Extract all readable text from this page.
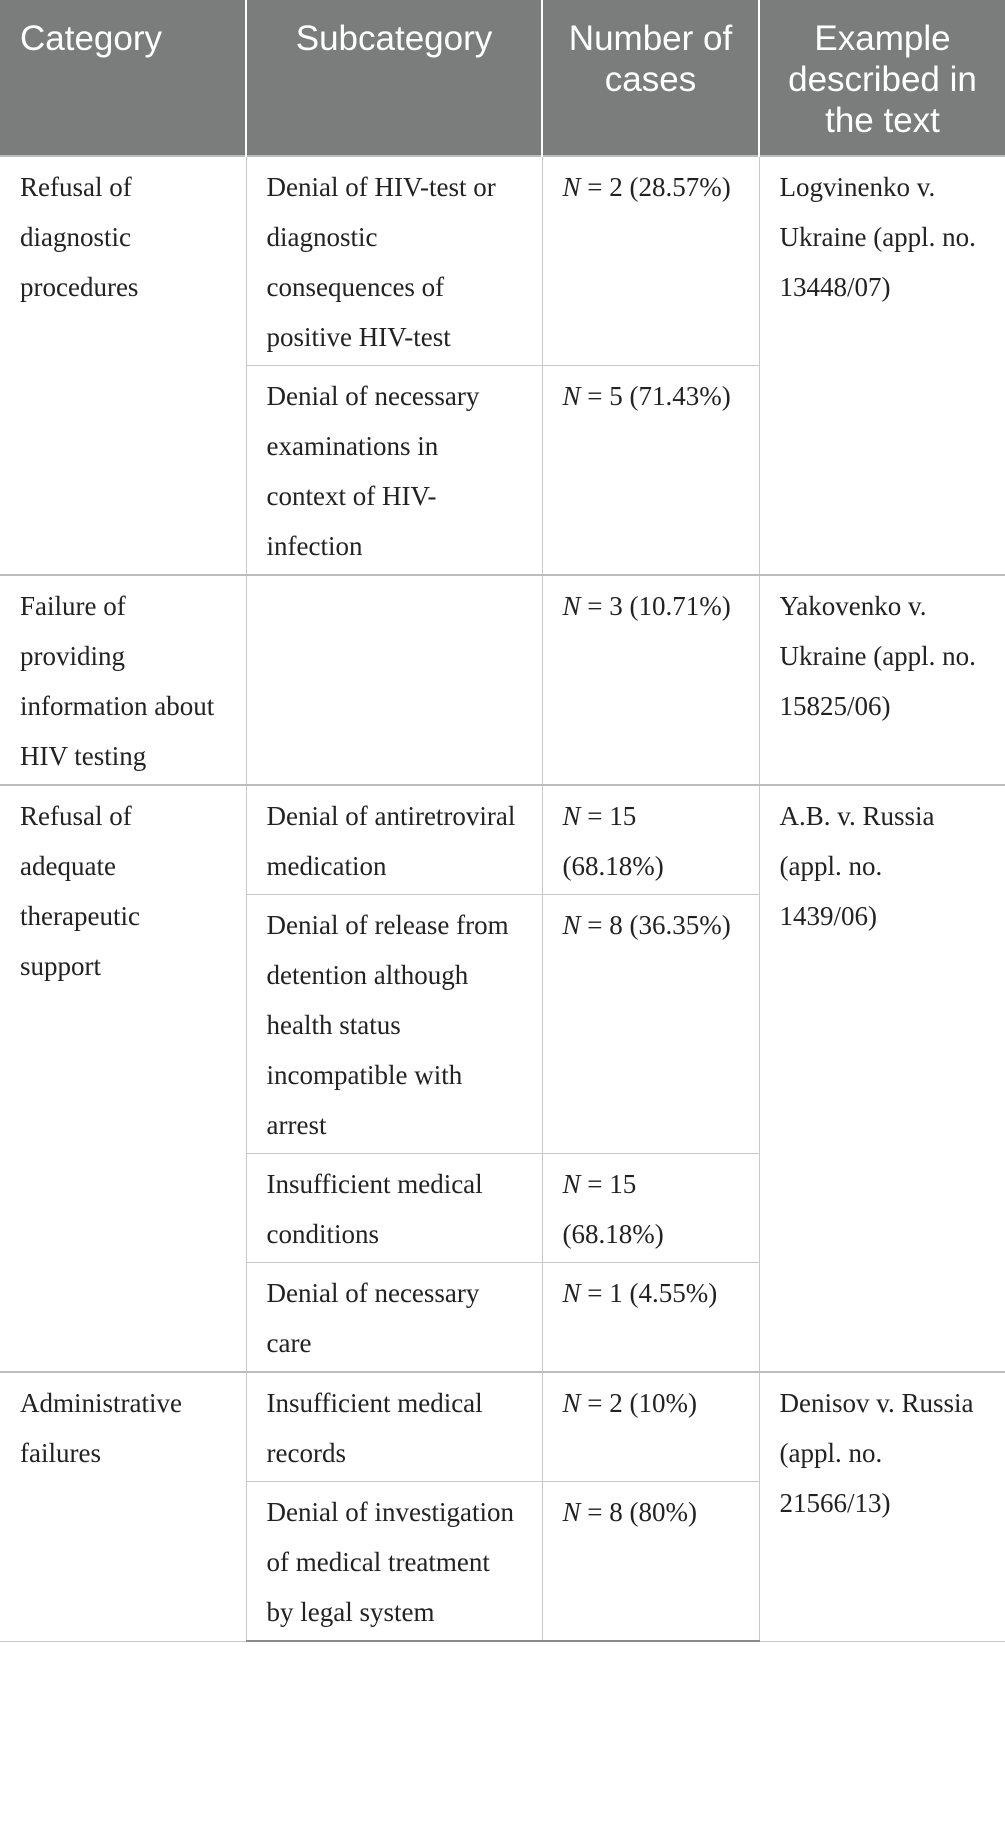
Category	Subcategory	Number of cases	Example described in the text
Refusal of diagnostic procedures	Denial of HIV-test or diagnostic consequences of positive HIV-test	N = 2 (28.57%)	Logvinenko v. Ukraine (appl. no. 13448/07)
	Denial of necessary examinations in context of HIV-infection	N = 5 (71.43%)	
Failure of providing information about HIV testing		N = 3 (10.71%)	Yakovenko v. Ukraine (appl. no. 15825/06)
Refusal of adequate therapeutic support	Denial of antiretroviral medication	N = 15 (68.18%)	A.B. v. Russia (appl. no. 1439/06)
	Denial of release from detention although health status incompatible with arrest	N = 8 (36.35%)	
	Insufficient medical conditions	N = 15 (68.18%)	
	Denial of necessary care	N = 1 (4.55%)	
Administrative failures	Insufficient medical records	N = 2 (10%)	Denisov v. Russia (appl. no. 21566/13)
	Denial of investigation of medical treatment by legal system	N = 8 (80%)	
